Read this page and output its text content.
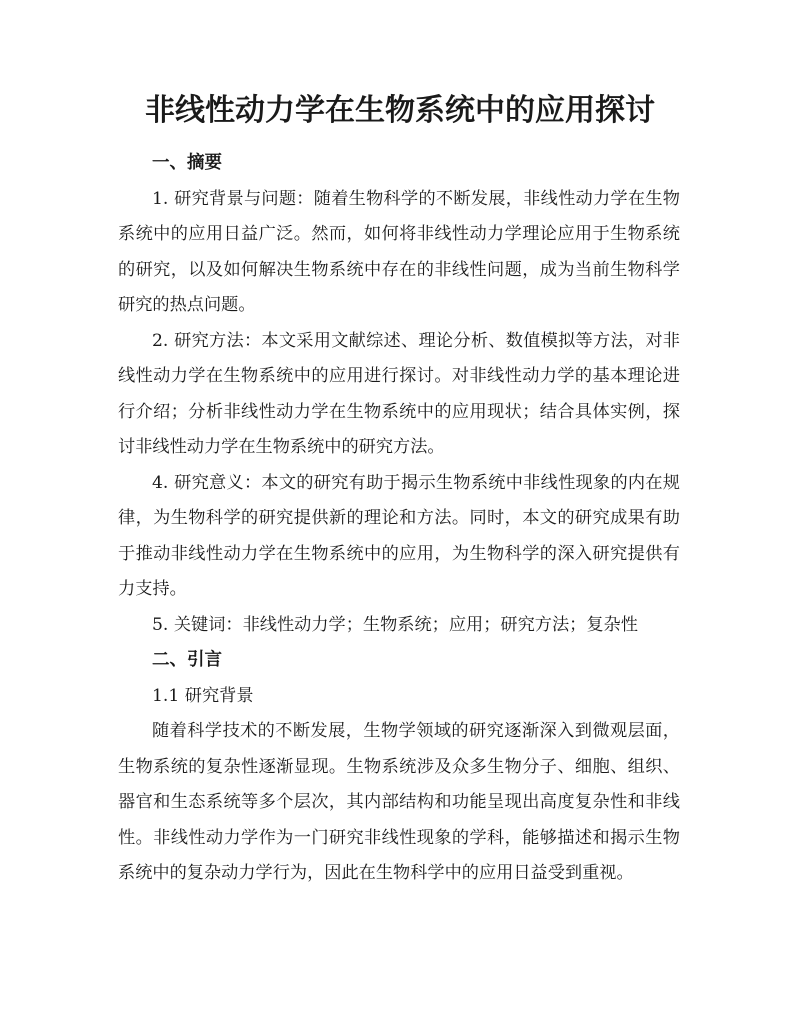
非线性动力学在生物系统中的应用探讨
一、摘要

1. 研究背景与问题：随着生物科学的不断发展，非线性动力学在生物系统中的应用日益广泛。然而，如何将非线性动力学理论应用于生物系统的研究，以及如何解决生物系统中存在的非线性问题，成为当前生物科学研究的热点问题。

2. 研究方法：本文采用文献综述、理论分析、数值模拟等方法，对非线性动力学在生物系统中的应用进行探讨。对非线性动力学的基本理论进行介绍；分析非线性动力学在生物系统中的应用现状；结合具体实例，探讨非线性动力学在生物系统中的研究方法。

4. 研究意义：本文的研究有助于揭示生物系统中非线性现象的内在规律，为生物科学的研究提供新的理论和方法。同时，本文的研究成果有助于推动非线性动力学在生物系统中的应用，为生物科学的深入研究提供有力支持。

5. 关键词：非线性动力学；生物系统；应用；研究方法；复杂性

二、引言

1.1 研究背景

随着科学技术的不断发展，生物学领域的研究逐渐深入到微观层面，生物系统的复杂性逐渐显现。生物系统涉及众多生物分子、细胞、组织、器官和生态系统等多个层次，其内部结构和功能呈现出高度复杂性和非线性。非线性动力学作为一门研究非线性现象的学科，能够描述和揭示生物系统中的复杂动力学行为，因此在生物科学中的应用日益受到重视。
